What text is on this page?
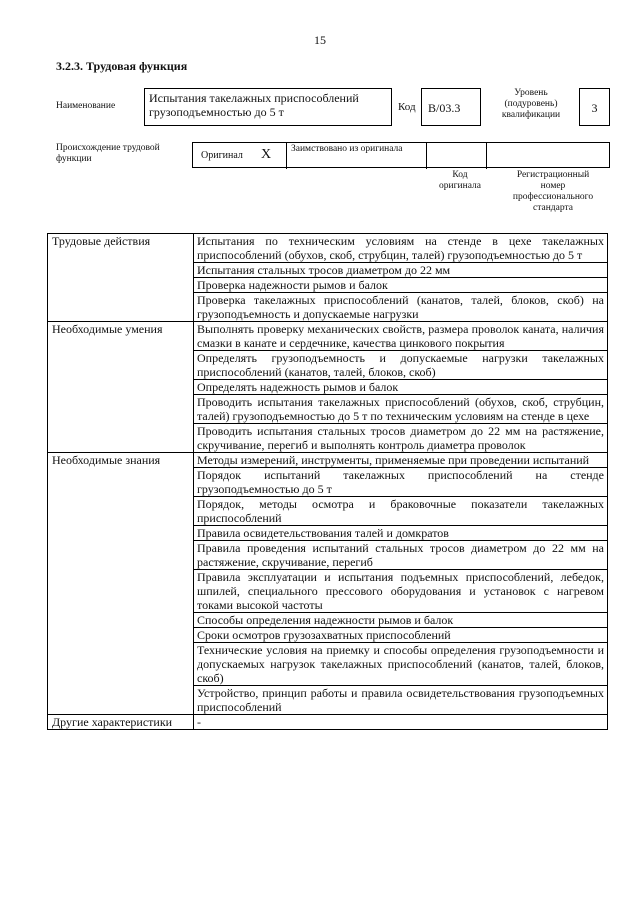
15
3.2.3. Трудовая функция
Наименование
Испытания такелажных приспособлений грузоподъемностью до 5 т	Код	B/03.3
Уровень
(подуровень)
квалификации	3
Происхождение трудовой функции	Оригинал X Заимствовано из оригинала
Код
оригинала
Регистрационный
номер
профессионального
стандарта
Трудовые действия	Испытания по техническим условиям на стенде в цехе такелажных приспособлений (обухов, скоб, струбцин, талей) грузоподъемностью до 5 т
	Испытания стальных тросов диаметром до 22 мм
	Проверка надежности рымов и балок
	Проверка такелажных приспособлений (канатов, талей, блоков, скоб) на грузоподъемность и допускаемые нагрузки
Необходимые умения	Выполнять проверку механических свойств, размера проволок каната, наличия смазки в канате и сердечнике, качества цинкового покрытия
	Определять грузоподъемность и допускаемые нагрузки такелажных приспособлений (канатов, талей, блоков, скоб)
	Определять надежность рымов и балок
	Проводить испытания такелажных приспособлений (обухов, скоб, струбцин, талей) грузоподъемностью до 5 т по техническим условиям на стенде в цехе
	Проводить испытания стальных тросов диаметром до 22 мм на растяжение, скручивание, перегиб и выполнять контроль диаметра проволок
Необходимые знания	Методы измерений, инструменты, применяемые при проведении испытаний
	Порядок испытаний такелажных приспособлений на стенде грузоподъемностью до 5 т
	Порядок, методы осмотра и браковочные показатели такелажных приспособлений
	Правила освидетельствования талей и домкратов
	Правила проведения испытаний стальных тросов диаметром до 22 мм на растяжение, скручивание, перегиб
	Правила эксплуатации и испытания подъемных приспособлений, лебедок, шпилей, специального прессового оборудования и установок с нагревом токами высокой частоты
	Способы определения надежности рымов и балок
	Сроки осмотров грузозахватных приспособлений
	Технические условия на приемку и способы определения грузоподъемности и допускаемых нагрузок такелажных приспособлений (канатов, талей, блоков, скоб)
	Устройство, принцип работы и правила освидетельствования грузоподъемных приспособлений
Другие характеристики	-
